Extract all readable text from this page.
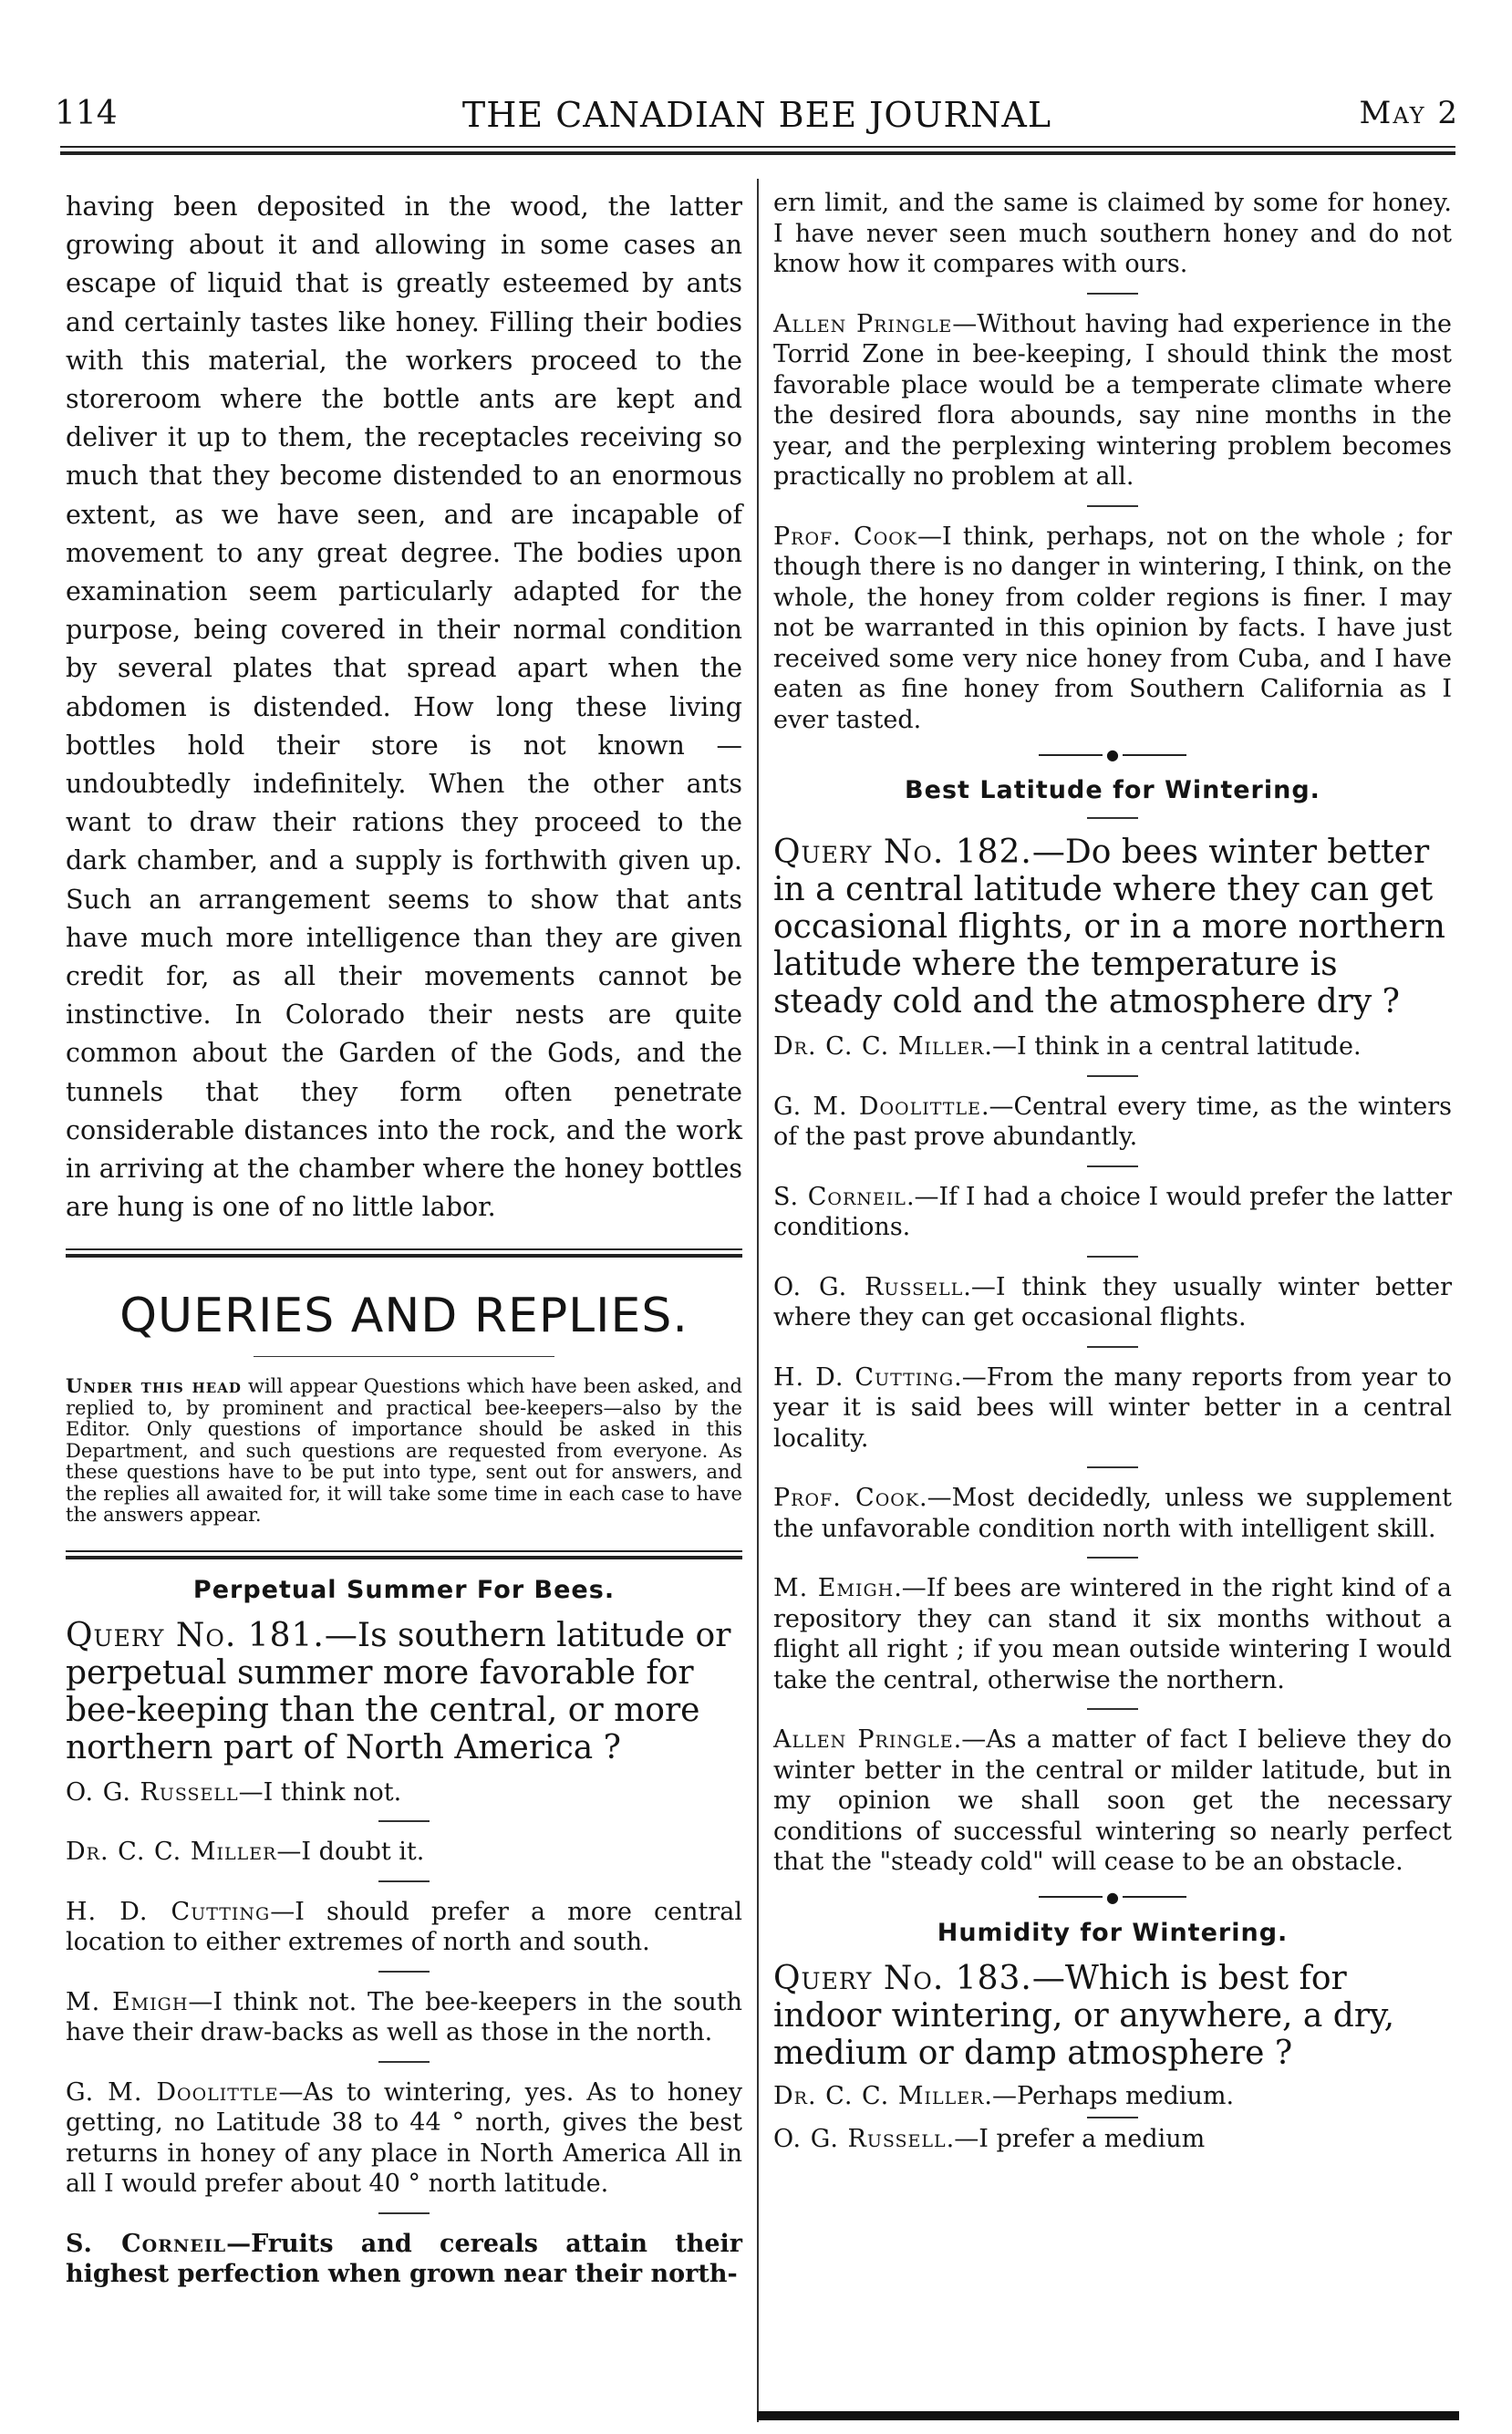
114	THE CANADIAN BEE JOURNAL	May 2

having been deposited in the wood, the latter growing about it and allowing in some cases an escape of liquid that is greatly esteemed by ants and certainly tastes like honey. Filling their bodies with this material, the workers proceed to the storeroom where the bottle ants are kept and deliver it up to them, the receptacles receiving so much that they become distended to an enormous extent, as we have seen, and are incapable of movement to any great degree. The bodies upon examination seem particularly adapted for the purpose, being covered in their normal condition by several plates that spread apart when the abdomen is distended. How long these living bottles hold their store is not known —undoubtedly indefinitely. When the other ants want to draw their rations they proceed to the dark chamber, and a supply is forthwith given up. Such an arrangement seems to show that ants have much more intelligence than they are given credit for, as all their movements cannot be instinctive. In Colorado their nests are quite common about the Garden of the Gods, and the tunnels that they form often penetrate considerable distances into the rock, and the work in arriving at the chamber where the honey bottles are hung is one of no little labor.

QUERIES AND REPLIES.

Under this head will appear Questions which have been asked, and replied to, by prominent and practical bee-keepers—also by the Editor. Only questions of importance should be asked in this Department, and such questions are requested from everyone. As these questions have to be put into type, sent out for answers, and the replies all awaited for, it will take some time in each case to have the answers appear.

Perpetual Summer For Bees.

Query No. 181.—Is southern latitude or perpetual summer more favorable for bee-keeping than the central, or more northern part of North America ?

O. G. Russell—I think not.

Dr. C. C. Miller—I doubt it.

H. D. Cutting—I should prefer a more central location to either extremes of north and south.

M. Emigh—I think not. The bee-keepers in the south have their draw-backs as well as those in the north.

G. M. Doolittle—As to wintering, yes. As to honey getting, no Latitude 38 to 44 ° north, gives the best returns in honey of any place in North America All in all I would prefer about 40 ° north latitude.

S. Corneil—Fruits and cereals attain their highest perfection when grown near their north-

ern limit, and the same is claimed by some for honey. I have never seen much southern honey and do not know how it compares with ours.

Allen Pringle—Without having had experience in the Torrid Zone in bee-keeping, I should think the most favorable place would be a temperate climate where the desired flora abounds, say nine months in the year, and the perplexing wintering problem becomes practically no problem at all.

Prof. Cook—I think, perhaps, not on the whole ; for though there is no danger in wintering, I think, on the whole, the honey from colder regions is finer. I may not be warranted in this opinion by facts. I have just received some very nice honey from Cuba, and I have eaten as fine honey from Southern California as I ever tasted.

●
Best Latitude for Wintering.

Query No. 182.—Do bees winter better in a central latitude where they can get occasional flights, or in a more northern latitude where the temperature is steady cold and the atmosphere dry ?

Dr. C. C. Miller.—I think in a central latitude.

G. M. Doolittle.—Central every time, as the winters of the past prove abundantly.

S. Corneil.—If I had a choice I would prefer the latter conditions.

O. G. Russell.—I think they usually winter better where they can get occasional flights.

H. D. Cutting.—From the many reports from year to year it is said bees will winter better in a central locality.

Prof. Cook.—Most decidedly, unless we supplement the unfavorable condition north with intelligent skill.

M. Emigh.—If bees are wintered in the right kind of a repository they can stand it six months without a flight all right ; if you mean outside wintering I would take the central, otherwise the northern.

Allen Pringle.—As a matter of fact I believe they do winter better in the central or milder latitude, but in my opinion we shall soon get the necessary conditions of successful wintering so nearly perfect that the "steady cold" will cease to be an obstacle.

●
Humidity for Wintering.

Query No. 183.—Which is best for indoor wintering, or anywhere, a dry, medium or damp atmosphere ?

Dr. C. C. Miller.—Perhaps medium.

O. G. Russell.—I prefer a medium
